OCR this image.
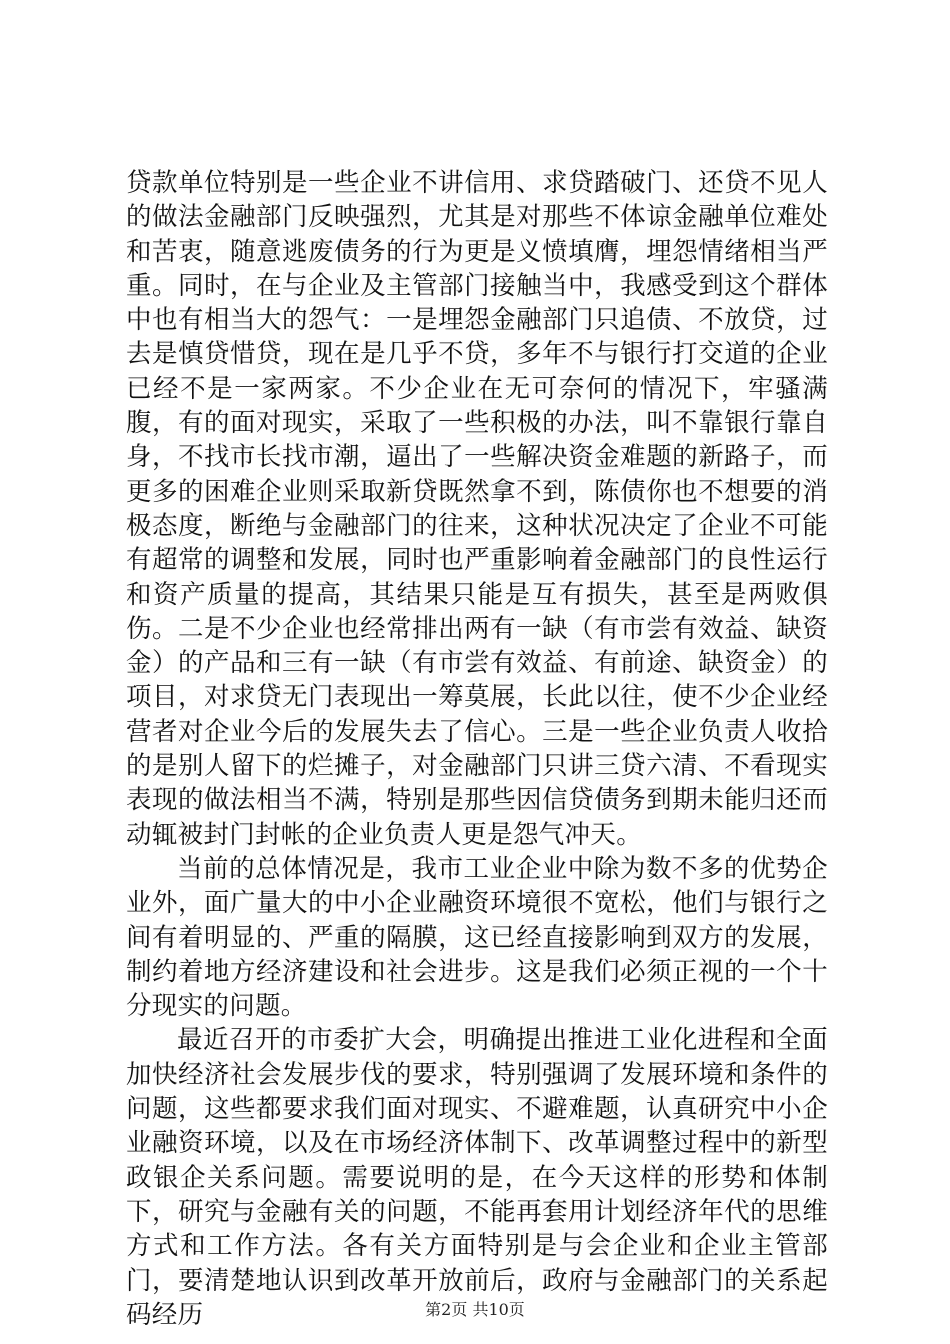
贷款单位特别是一些企业不讲信用、求贷踏破门、还贷不见人的做法金融部门反映强烈，尤其是对那些不体谅金融单位难处和苦衷，随意逃废债务的行为更是义愤填膺，埋怨情绪相当严重。同时，在与企业及主管部门接触当中，我感受到这个群体中也有相当大的怨气：一是埋怨金融部门只追债、不放贷，过去是慎贷惜贷，现在是几乎不贷，多年不与银行打交道的企业已经不是一家两家。不少企业在无可奈何的情况下，牢骚满腹，有的面对现实，采取了一些积极的办法，叫不靠银行靠自身，不找市长找市潮，逼出了一些解决资金难题的新路子，而更多的困难企业则采取新贷既然拿不到，陈债你也不想要的消极态度，断绝与金融部门的往来，这种状况决定了企业不可能有超常的调整和发展，同时也严重影响着金融部门的良性运行和资产质量的提高，其结果只能是互有损失，甚至是两败俱伤。二是不少企业也经常排出两有一缺（有市尝有效益、缺资金）的产品和三有一缺（有市尝有效益、有前途、缺资金）的项目，对求贷无门表现出一筹莫展，长此以往，使不少企业经营者对企业今后的发展失去了信心。三是一些企业负责人收拾的是别人留下的烂摊子，对金融部门只讲三贷六清、不看现实表现的做法相当不满，特别是那些因信贷债务到期未能归还而动辄被封门封帐的企业负责人更是怨气冲天。

当前的总体情况是，我市工业企业中除为数不多的优势企业外，面广量大的中小企业融资环境很不宽松，他们与银行之间有着明显的、严重的隔膜，这已经直接影响到双方的发展，制约着地方经济建设和社会进步。这是我们必须正视的一个十分现实的问题。

最近召开的市委扩大会，明确提出推进工业化进程和全面加快经济社会发展步伐的要求，特别强调了发展环境和条件的问题，这些都要求我们面对现实、不避难题，认真研究中小企业融资环境，以及在市场经济体制下、改革调整过程中的新型政银企关系问题。需要说明的是，在今天这样的形势和体制下，研究与金融有关的问题，不能再套用计划经济年代的思维方式和工作方法。各有关方面特别是与会企业和企业主管部门，要清楚地认识到改革开放前后，政府与金融部门的关系起码经历	第2页 共10页
